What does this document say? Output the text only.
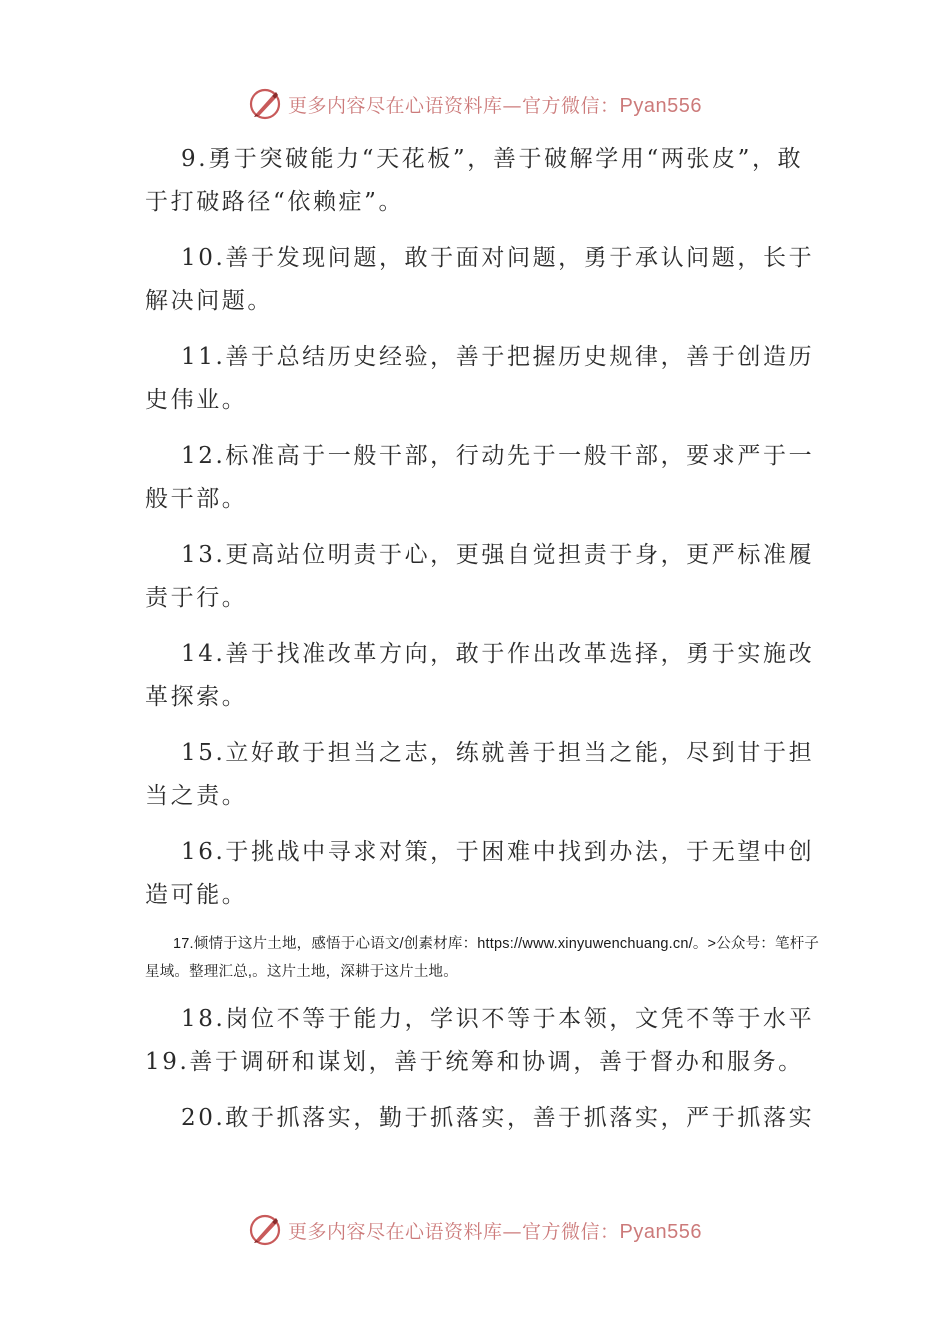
更多内容尽在心语资料库—官方微信：Pyan556

9.勇于突破能力“天花板”，善于破解学用“两张皮”，敢于打破路径“依赖症”。

10.善于发现问题，敢于面对问题，勇于承认问题，长于解决问题。

11.善于总结历史经验，善于把握历史规律，善于创造历史伟业。

12.标准高于一般干部，行动先于一般干部，要求严于一般干部。

13.更高站位明责于心，更强自觉担责于身，更严标准履责于行。

14.善于找准改革方向，敢于作出改革选择，勇于实施改革探索。

15.立好敢于担当之志，练就善于担当之能，尽到甘于担当之责。

16.于挑战中寻求对策，于困难中找到办法，于无望中创造可能。

17.倾情于这片土地，感悟于心语文/创素材库：https://www.xinyuwenchuang.cn/。>公众号：笔杆子星域。整理汇总,。这片土地，深耕于这片土地。

18.岗位不等于能力，学识不等于本领，文凭不等于水平

19.善于调研和谋划，善于统筹和协调，善于督办和服务。

20.敢于抓落实，勤于抓落实，善于抓落实，严于抓落实

更多内容尽在心语资料库—官方微信：Pyan556
